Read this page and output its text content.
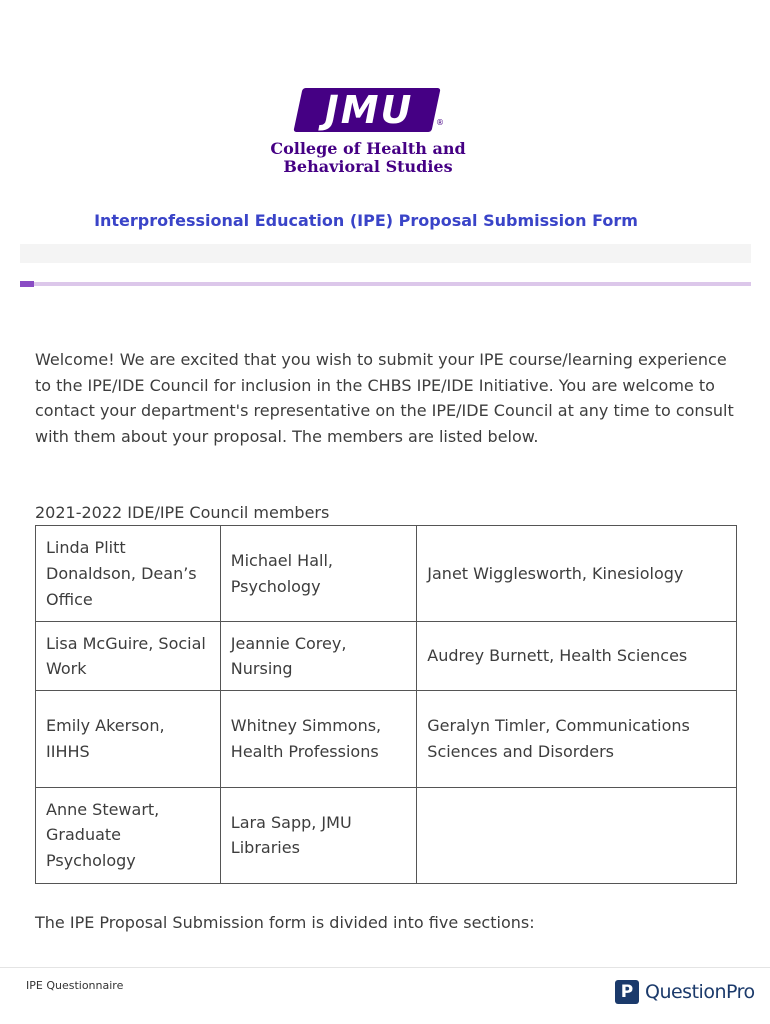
JMU	®
College of Health and
Behavioral Studies
Interprofessional Education (IPE) Proposal Submission Form

Welcome! We are excited that you wish to submit your IPE course/learning experience to the IPE/IDE Council for inclusion in the CHBS IPE/IDE Initiative. You are welcome to contact your department's representative on the IPE/IDE Council at any time to consult with them about your proposal. The members are listed below.

2021-2022 IDE/IPE Council members
Linda Plitt Donaldson, Dean’s Office	Michael Hall, Psychology	Janet Wigglesworth, Kinesiology
Lisa McGuire, Social Work	Jeannie Corey, Nursing	Audrey Burnett, Health Sciences
Emily Akerson, IIHHS	Whitney Simmons, Health Professions	Geralyn Timler, Communications Sciences and Disorders
Anne Stewart, Graduate Psychology	Lara Sapp, JMU Libraries	
The IPE Proposal Submission form is divided into five sections:
IPE Questionnaire	P QuestionPro
